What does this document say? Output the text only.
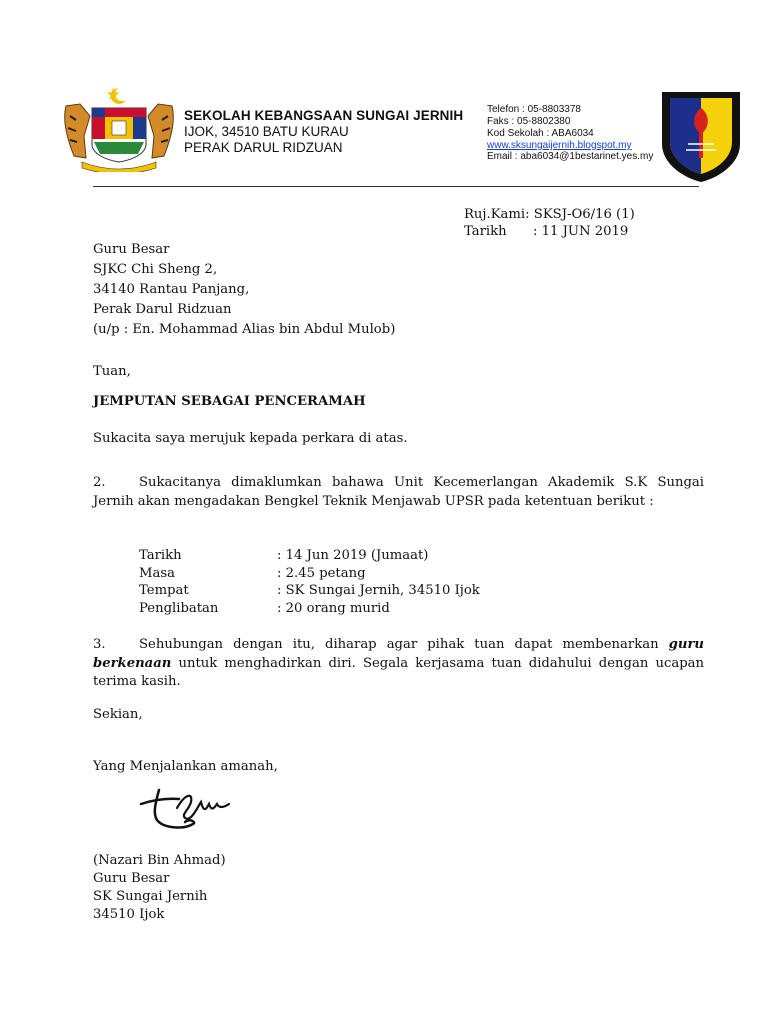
SEKOLAH KEBANGSAAN SUNGAI JERNIH
IJOK, 34510 BATU KURAU
PERAK DARUL RIDZUAN
Telefon : 05-8803378
Faks : 05-8802380
Kod Sekolah : ABA6034
www.sksungaijernih.blogspot.my
Email : aba6034@1bestarinet.yes.my
Ruj.Kami: SKSJ-O6/16 (1)
Tarikh : 11 JUN 2019
Guru Besar
SJKC Chi Sheng 2,
34140 Rantau Panjang,
Perak Darul Ridzuan
(u/p : En. Mohammad Alias bin Abdul Mulob)
Tuan,
JEMPUTAN SEBAGAI PENCERAMAH
Sukacita saya merujuk kepada perkara di atas.
2.	Sukacitanya dimaklumkan bahawa Unit Kecemerlangan Akademik S.K Sungai Jernih akan mengadakan Bengkel Teknik Menjawab UPSR pada ketentuan berikut :
Tarikh	: 14 Jun 2019 (Jumaat)
Masa	: 2.45 petang
Tempat	: SK Sungai Jernih, 34510 Ijok
Penglibatan	: 20 orang murid
3.	Sehubungan dengan itu, diharap agar pihak tuan dapat membenarkan guru berkenaan untuk menghadirkan diri. Segala kerjasama tuan didahului dengan ucapan terima kasih.
Sekian,
Yang Menjalankan amanah,
(Nazari Bin Ahmad)
Guru Besar
SK Sungai Jernih
34510 Ijok
